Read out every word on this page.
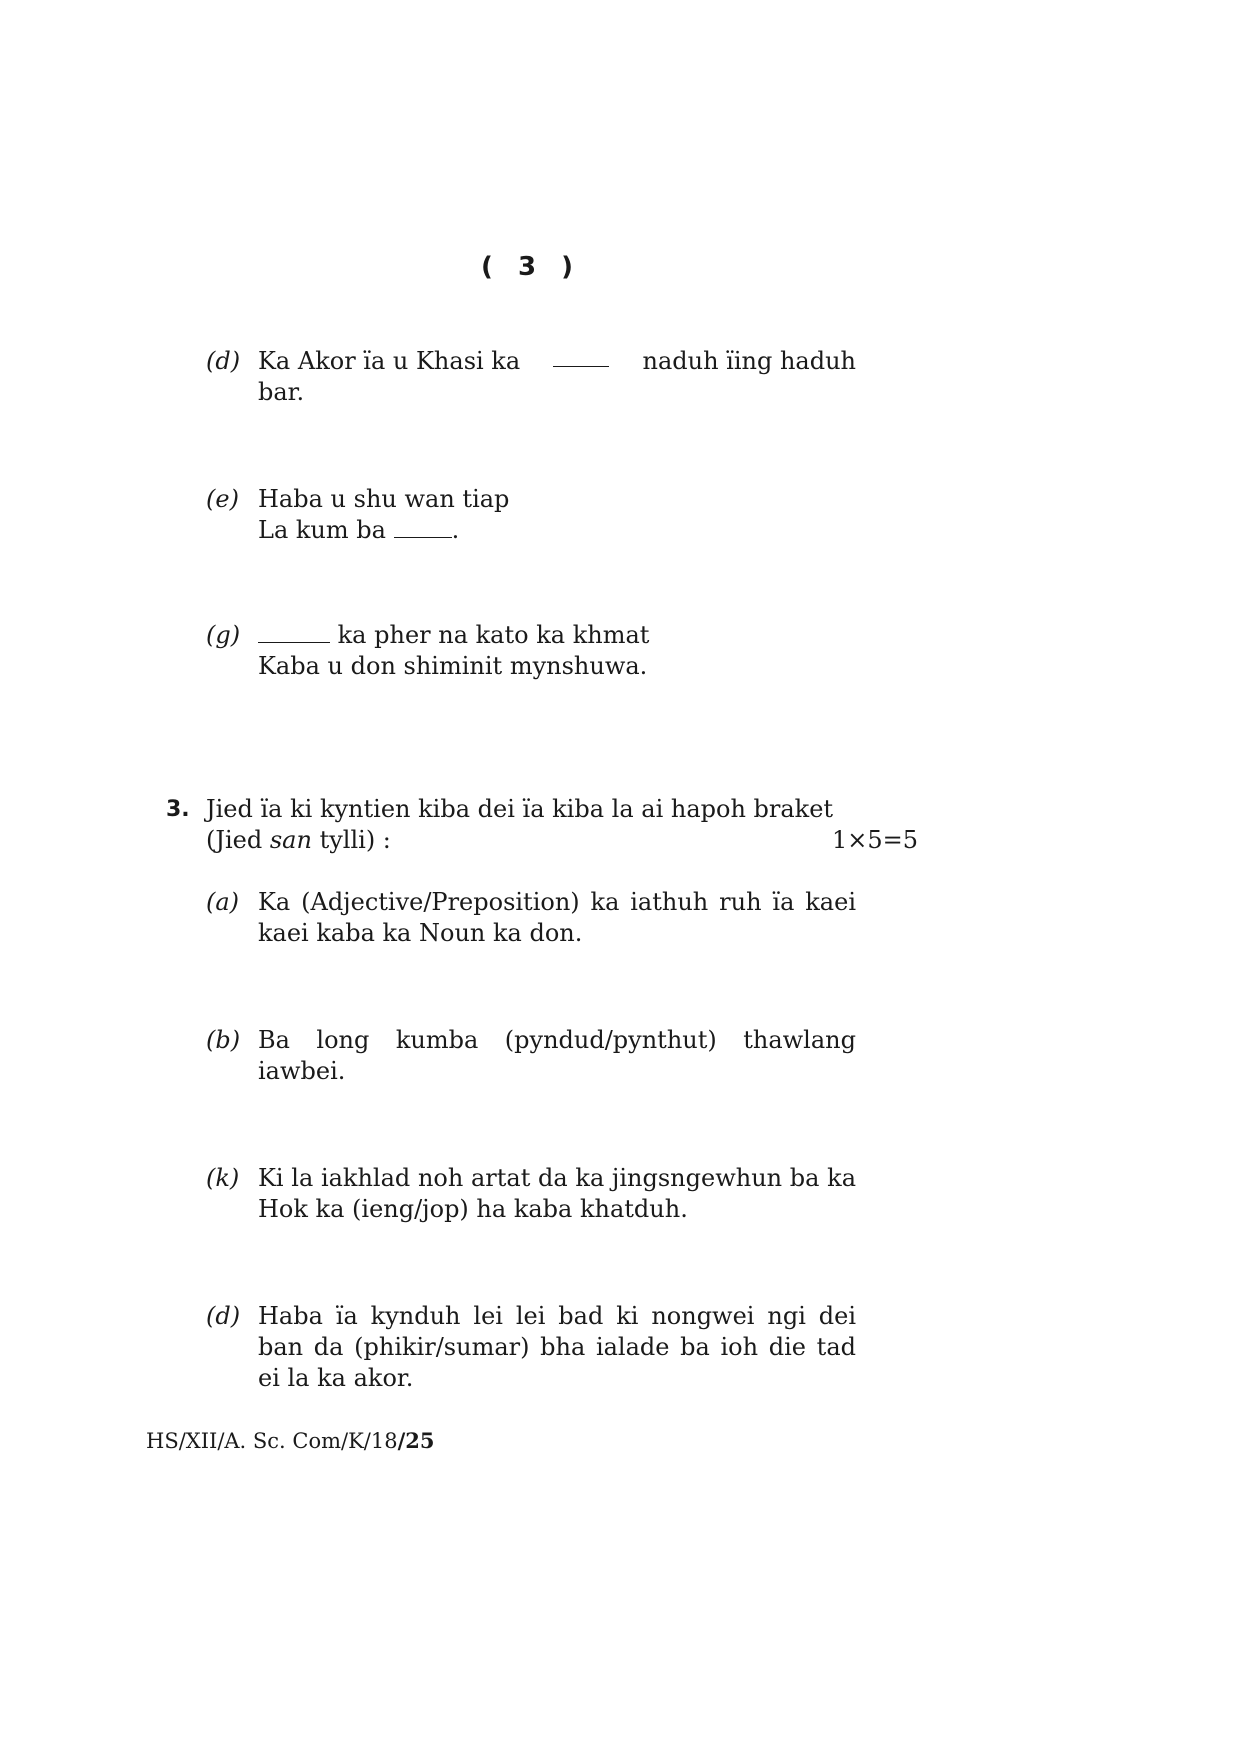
( 3 )
(d) Ka Akor ïa u Khasi ka	naduh ïing haduh
bar.
(e) Haba u shu wan tiap
La kum ba	.
(g)	ka pher na kato ka khmat
Kaba u don shiminit mynshuwa.
3. Jied ïa ki kyntien kiba dei ïa kiba la ai hapoh braket
(Jied san tylli) :	1×5=5
(a) Ka (Adjective/Preposition) ka iathuh ruh ïa kaei kaei kaba ka Noun ka don.
(b) Ba long kumba (pyndud/pynthut) thawlang iawbei.
(k) Ki la iakhlad noh artat da ka jingsngewhun ba ka Hok ka (ieng/jop) ha kaba khatduh.
(d) Haba ïa kynduh lei lei bad ki nongwei ngi dei ban da (phikir/sumar) bha ialade ba ioh die tad ei la ka akor.
HS/XII/A. Sc. Com/K/18/25
